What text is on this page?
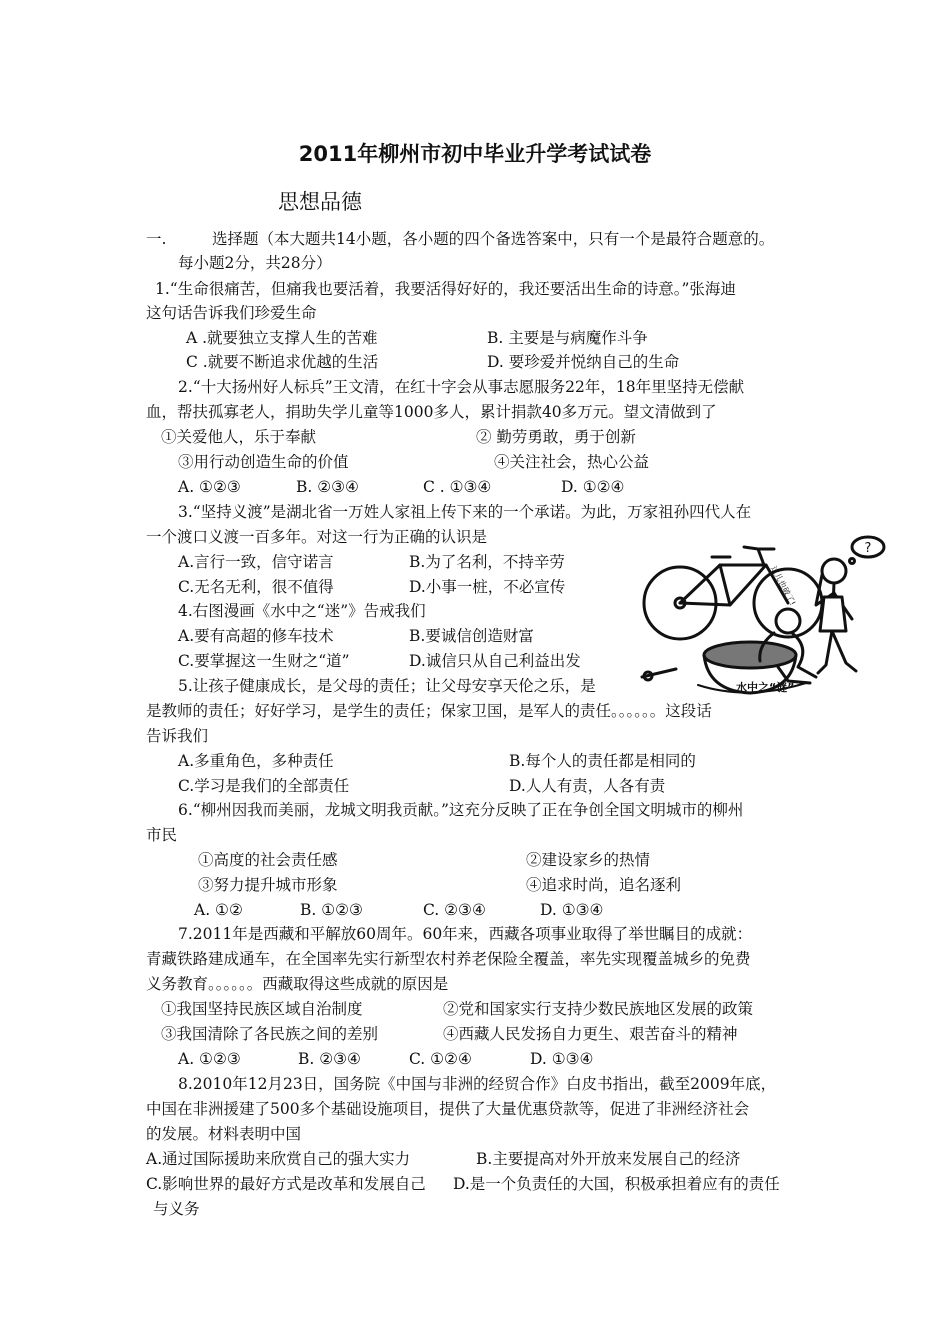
2011年柳州市初中毕业升学考试试卷
思想品德
一.	选择题（本大题共14小题，各小题的四个备选答案中，只有一个是最符合题意的。
每小题2分，共28分）
1.“生命很痛苦，但痛我也要活着，我要活得好好的，我还要活出生命的诗意。”张海迪
这句话告诉我们珍爱生命
A .就要独立支撑人生的苦难	B. 主要是与病魔作斗争
C .就要不断追求优越的生活	D. 要珍爱并悦纳自己的生命
2.“十大扬州好人标兵”王文清，在红十字会从事志愿服务22年，18年里坚持无偿献
血，帮扶孤寡老人，捐助失学儿童等1000多人，累计捐款40多万元。望文清做到了
①关爱他人，乐于奉献	② 勤劳勇敢，勇于创新
③用行动创造生命的价值	④关注社会，热心公益
A. ①②③	B. ②③④	C . ①③④	D. ①②④
3.“坚持义渡”是湖北省一万姓人家祖上传下来的一个承诺。为此，万家祖孙四代人在
一个渡口义渡一百多年。对这一行为正确的认识是
A.言行一致，信守诺言	B.为了名利，不持辛劳
C.无名无利，很不值得	D.小事一桩，不必宣传
4.右图漫画《水中之“迷”》告戒我们
A.要有高超的修车技术	B.要诚信创造财富
C.要掌握这一生财之“道”	D.诚信只从自己利益出发
?
水中之“谜”
这儿也破了!
5.让孩子健康成长，是父母的责任；让父母安享天伦之乐，是
是教师的责任；好好学习，是学生的责任；保家卫国，是军人的责任。。。。。。这段话
告诉我们
A.多重角色，多种责任	B.每个人的责任都是相同的
C.学习是我们的全部责任	D.人人有责，人各有责
6.“柳州因我而美丽，龙城文明我贡献。”这充分反映了正在争创全国文明城市的柳州
市民
①高度的社会责任感	②建设家乡的热情
③努力提升城市形象	④追求时尚，追名逐利
A. ①②	B. ①②③	C. ②③④	D. ①③④
7.2011年是西藏和平解放60周年。60年来，西藏各项事业取得了举世瞩目的成就：
青藏铁路建成通车，在全国率先实行新型农村养老保险全覆盖，率先实现覆盖城乡的免费
义务教育。。。。。。西藏取得这些成就的原因是
①我国坚持民族区域自治制度	②党和国家实行支持少数民族地区发展的政策
③我国清除了各民族之间的差别	④西藏人民发扬自力更生、艰苦奋斗的精神
A. ①②③	B. ②③④	C. ①②④	D. ①③④
8.2010年12月23日，国务院《中国与非洲的经贸合作》白皮书指出，截至2009年底，
中国在非洲援建了500多个基础设施项目，提供了大量优惠贷款等，促进了非洲经济社会
的发展。材料表明中国
A.通过国际援助来欣赏自己的强大实力	B.主要提高对外开放来发展自己的经济
C.影响世界的最好方式是改革和发展自己 D.是一个负责任的大国，积极承担着应有的责任
与义务
